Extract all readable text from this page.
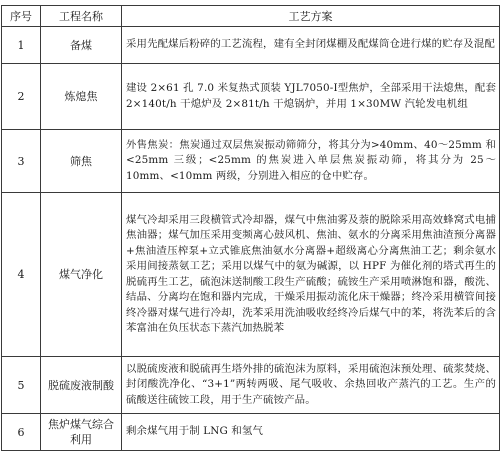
序号	工程名称	工艺方案
1	备煤	采用先配煤后粉碎的工艺流程，建有全封闭煤棚及配煤筒仓进行煤的贮存及混配
2	炼熄焦	建设 2×61 孔 7.0 米复热式顶装 YJL7050-Ⅰ型焦炉，全部采用干法熄焦，配套 2×140t/h 干熄炉及 2×81t/h 干熄锅炉，并用 1×30MW 汽轮发电机组
3	筛焦	外售焦炭：焦炭通过双层焦炭振动筛筛分，将其分为>40mm、40～25mm 和<25mm 三级；<25mm 的焦炭进入单层焦炭振动筛，将其分为 25～10mm、<10mm 两级，分别进入相应的仓中贮存。
4	煤气净化	煤气冷却采用三段横管式冷却器，煤气中焦油雾及萘的脱除采用高效蜂窝式电捕焦油器；煤气加压采用变频离心鼓风机、焦油、氨水的分离采用焦油渣预分离器+焦油渣压榨泵+立式锥底焦油氨水分离器+超级离心分离焦油工艺；剩余氨水采用间接蒸氨工艺；采用以煤气中的氨为碱源，以 HPF 为催化剂的塔式再生的脱硫再生工艺，硫泡沫送制酸工段生产硫酸；硫铵生产采用喷淋饱和器，酸洗、结晶、分离均在饱和器内完成，干燥采用振动流化床干燥器；终冷采用横管间接终冷器对煤气进行冷却，洗苯采用洗油吸收经终冷后煤气中的苯，将洗苯后的含苯富油在负压状态下蒸汽加热脱苯
5	脱硫废液制酸	以脱硫废液和脱硫再生塔外排的硫泡沫为原料，采用硫泡沫预处理、硫浆焚烧、封闭酸洗净化、“3+1”两转两吸、尾气吸收、余热回收产蒸汽的工艺。生产的硫酸送往硫铵工段，用于生产硫铵产品。
6	焦炉煤气综合利用	剩余煤气用于制 LNG 和氢气
